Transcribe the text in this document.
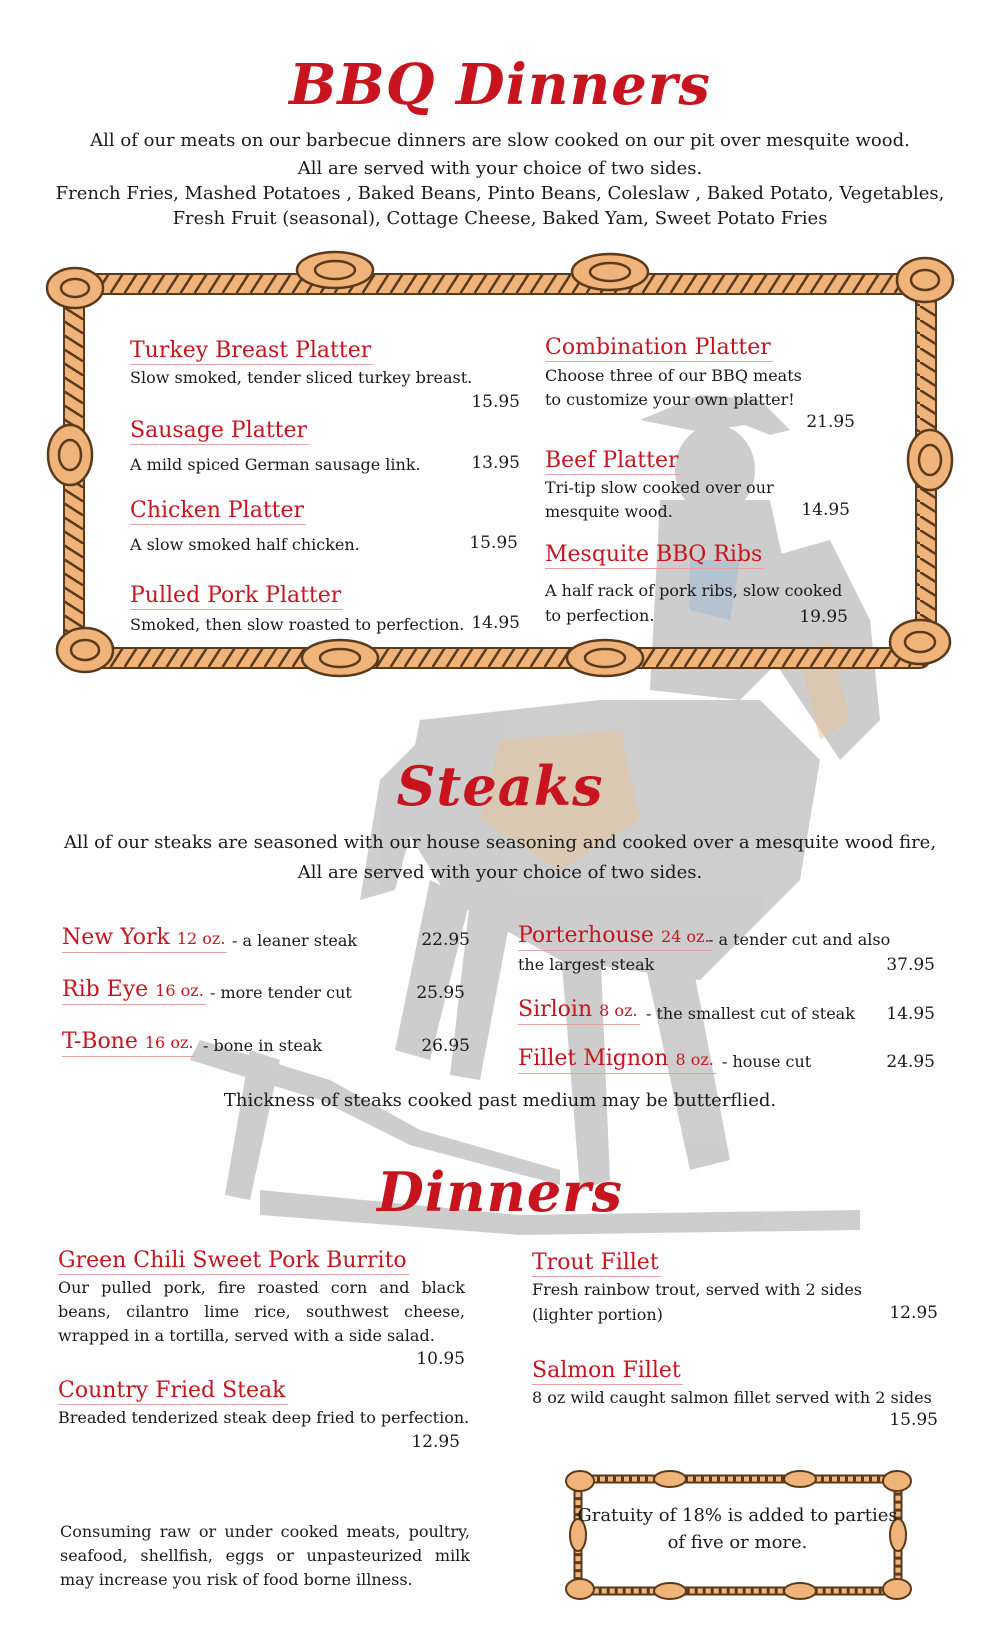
BBQ Dinners
All of our meats on our barbecue dinners are slow cooked on our pit over mesquite wood.
All are served with your choice of two sides.
French Fries, Mashed Potatoes , Baked Beans, Pinto Beans, Coleslaw , Baked Potato, Vegetables,
Fresh Fruit (seasonal), Cottage Cheese, Baked Yam, Sweet Potato Fries
Turkey Breast Platter
Slow smoked, tender sliced turkey breast.
15.95
Sausage Platter
A mild spiced German sausage link.	13.95
Chicken Platter
A slow smoked half chicken.	15.95
Pulled Pork Platter
Smoked, then slow roasted to perfection. 14.95
Combination Platter
Choose three of our BBQ meats
to customize your own platter!
21.95
Beef Platter
Tri-tip slow cooked over our
mesquite wood.	14.95
Mesquite BBQ Ribs
A half rack of pork ribs, slow cooked
to perfection.	19.95
Steaks
All of our steaks are seasoned with our house seasoning and cooked over a mesquite wood fire,
All are served with your choice of two sides.
New York 12 oz. - a leaner steak	22.95
Rib Eye 16 oz. - more tender cut	25.95
T-Bone 16 oz. - bone in steak	26.95
Porterhouse 24 oz.
- a tender cut and also
the largest steak	37.95
Sirloin 8 oz. - the smallest cut of steak	14.95
Fillet Mignon 8 oz. - house cut	24.95
Thickness of steaks cooked past medium may be butterflied.
Dinners
Green Chili Sweet Pork Burrito
Our pulled pork, fire roasted corn and black beans, cilantro lime rice, southwest cheese, wrapped in a tortilla, served with a side salad.
10.95
Country Fried Steak
Breaded tenderized steak deep fried to perfection.
12.95
Trout Fillet
Fresh rainbow trout, served with 2 sides
(lighter portion)	12.95
Salmon Fillet
8 oz wild caught salmon fillet served with 2 sides
15.95
Consuming raw or under cooked meats, poultry, seafood, shellfish, eggs or unpasteurized milk may increase you risk of food borne illness.
Gratuity of 18% is added to parties of five or more.
